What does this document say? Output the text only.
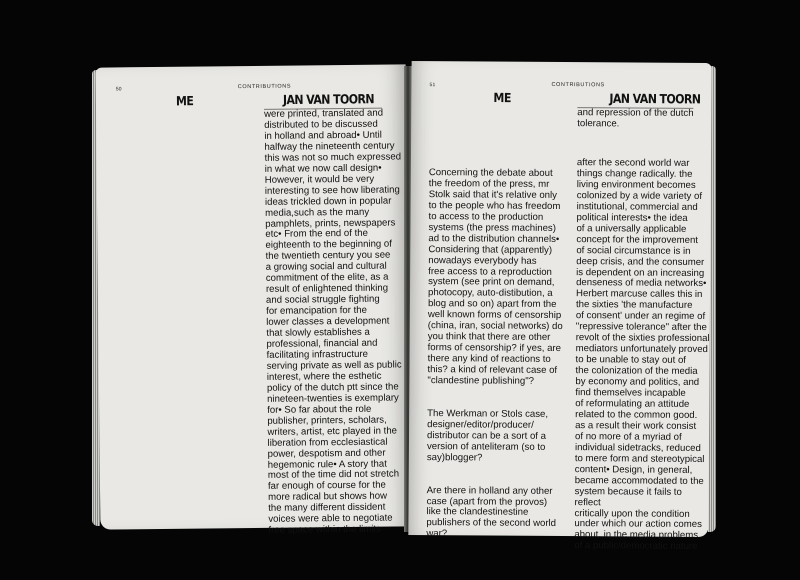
50	CONTRIBUTIONS
ME	JAN VAN TOORN
were printed, translated and
distributed to be discussed
in holland and abroad• Until
halfway the nineteenth century
this was not so much expressed
in what we now call design•
However, it would be very
interesting to see how liberating
ideas trickled down in popular
media,such as the many
pamphlets, prints, newspapers
etc• From the end of the
eighteenth to the beginning of
the twentieth century you see
a growing social and cultural
commitment of the elite, as a
result of enlightened thinking
and social struggle fighting
for emancipation for the
lower classes a development
that slowly establishes a
professional, financial and
facilitating infrastructure
serving private as well as public
interest, where the esthetic
policy of the dutch ptt since the
nineteen-twenties is exemplary
for• So far about the role
publisher, printers, scholars,
writers, artist, etc played in the
liberation from ecclesiastical
power, despotism and other
hegemonic rule• A story that
most of the time did not stretch
far enough of course for the
more radical but shows how
the many different dissident
voices were able to negotiate
free space within the limits
51	CONTRIBUTIONS
ME	JAN VAN TOORN
and repression of the dutch
tolerance.

Concerning the debate about
the freedom of the press, mr
Stolk said that it's relative only
to the people who has freedom
to access to the production
systems (the press machines)
ad to the distribution channels•
Considering that (apparently)
nowadays everybody has
free access to a reproduction
system (see print on demand,
photocopy, auto-distibution, a
blog and so on) apart from the
well known forms of censorship
(china, iran, social networks) do
you think that there are other
forms of censorship? if yes, are
there any kind of reactions to
this? a kind of relevant case of
"clandestine publishing"?

The Werkman or Stols case,
designer/editor/producer/
distributor can be a sort of a
version of anteliteram (so to
say)blogger?

Are there in holland any other
case (apart from the provos)
like the clandestinestine
publishers of the second world
war?

after the second world war
things change radically. the
living environment becomes
colonized by a wide variety of
institutional, commercial and
political interests• the idea
of a universally applicable
concept for the improvement
of social circumstance is in
deep crisis, and the consumer
is dependent on an increasing
denseness of media networks•
Herbert marcuse calles this in
the sixties 'the manufacture
of consent' under an regime of
"repressive tolerance" after the
revolt of the sixties professional
mediators unfortunately proved
to be unable to stay out of
the colonization of the media
by economy and politics, and
find themselves incapable
of reformulating an attitude
related to the common good.
as a result their work consist
of no more of a myriad of
individual sidetracks, reduced
to mere form and stereotypical
content• Design, in general,
became accommodated to the
system because it fails to reflect
critically upon the condition
under which our action comes
about. in the media problems
of a public/democratic nature
